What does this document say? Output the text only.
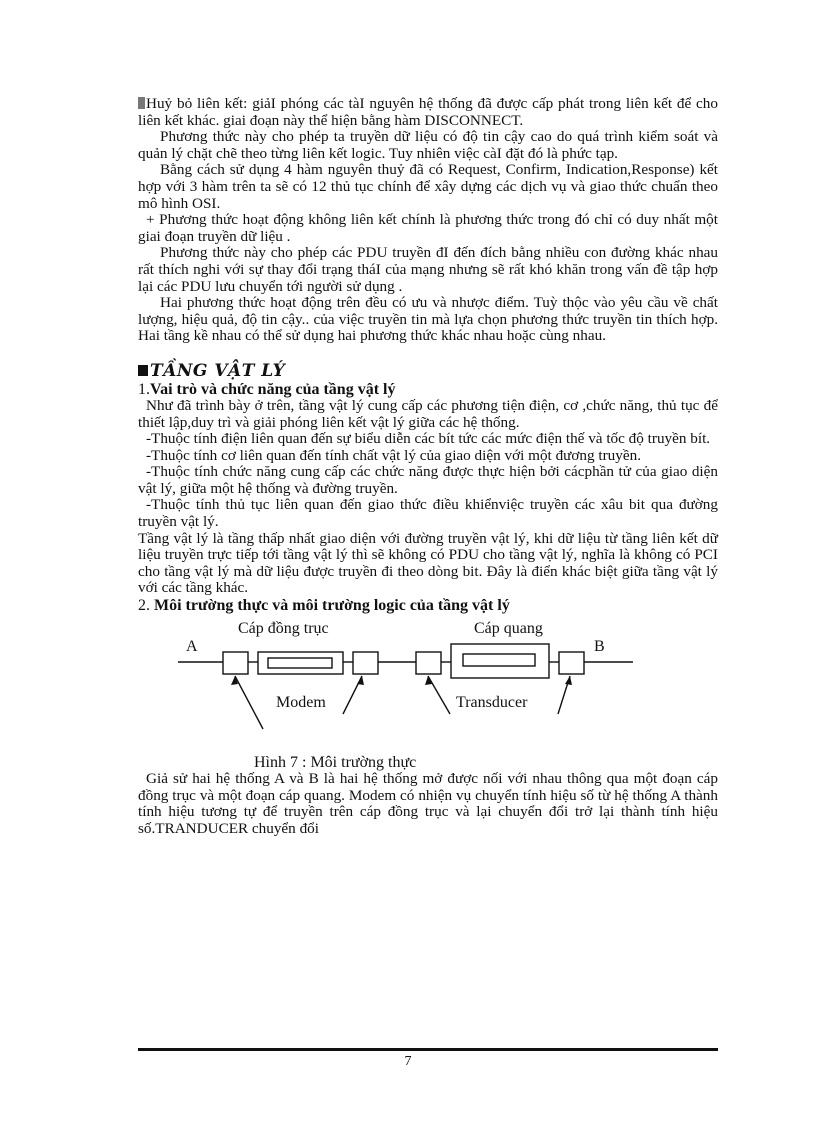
Huỷ bỏ liên kết: giảI phóng các tàI nguyên hệ thống đã được cấp phát trong liên kết để cho liên kết khác. giai đoạn này thể hiện bằng hàm DISCONNECT.

Phương thức này cho phép ta truyền dữ liệu có độ tin cậy cao do quá trình kiểm soát và quản lý chặt chẽ theo từng liên kết logic. Tuy nhiên việc càI đặt đó là phức tạp.

Bằng cách sử dụng 4 hàm nguyên thuỷ đã có Request, Confirm, Indication,Response) kết hợp với 3 hàm trên ta sẽ có 12 thủ tục chính để xây dựng các dịch vụ và giao thức chuẩn theo mô hình OSI.

+ Phương thức hoạt động không liên kết chính là phương thức trong đó chỉ có duy nhất một giai đoạn truyền dữ liệu .

Phương thức này cho phép các PDU truyền đI đến đích bằng nhiều con đường khác nhau rất thích nghi với sự thay đổi trạng tháI của mạng nhưng sẽ rất khó khăn trong vấn đề tập hợp lại các PDU lưu chuyển tới người sử dụng .

Hai phương thức hoạt động trên đều có ưu và nhược điểm. Tuỳ thộc vào yêu cầu về chất lượng, hiệu quả, độ tin cậy.. của việc truyền tin mà lựa chọn phương thức truyền tin thích hợp. Hai tầng kề nhau có thể sử dụng hai phương thức khác nhau hoặc cùng nhau.

TẦNG VẬT LÝ

1.Vai trò và chức năng của tầng vật lý

Như đã trình bày ở trên, tầng vật lý cung cấp các phương tiện điện, cơ ,chức năng, thủ tục để thiết lập,duy trì và giải phóng liên kết vật lý giữa các hệ thống.

-Thuộc tính điện liên quan đến sự biểu diễn các bít tức các mức điện thế và tốc độ truyền bít.

-Thuộc tính cơ liên quan đến tính chất vật lý của giao diện với một đương truyền.

-Thuộc tính chức năng cung cấp các chức năng được thực hiện bởi cácphần tử của giao diện vật lý, giữa một hệ thống và đường truyền.

-Thuộc tính thủ tục liên quan đến giao thức điều khiểnviệc truyền các xâu bit qua đường truyền vật lý.

Tầng vật lý là tầng thấp nhất giao diện với đường truyền vật lý, khi dữ liệu từ tầng liên kết dữ liệu truyền trực tiếp tới tầng vật lý thì sẽ không có PDU cho tầng vật lý, nghĩa là không có PCI cho tầng vật lý mà dữ liệu được truyền đi theo dòng bit. Đây là điển khác biệt giữa tầng vật lý với các tầng khác.

2. Môi trường thực và môi trường logic của tầng vật lý

Cáp đồng trục	Cáp quang
A	B
Modem	Transducer

Hình 7 : Môi trường thực

Giả sử hai hệ thống A và B là hai hệ thống mở được nối với nhau thông qua một đoạn cáp đồng trục và một đoạn cáp quang. Modem có nhiện vụ chuyển tính hiệu số từ hệ thống A thành tính hiệu tương tự để truyền trên cáp đồng trục và lại chuyển đổi trở lại thành tính hiệu số.TRANDUCER chuyển đổi

7
